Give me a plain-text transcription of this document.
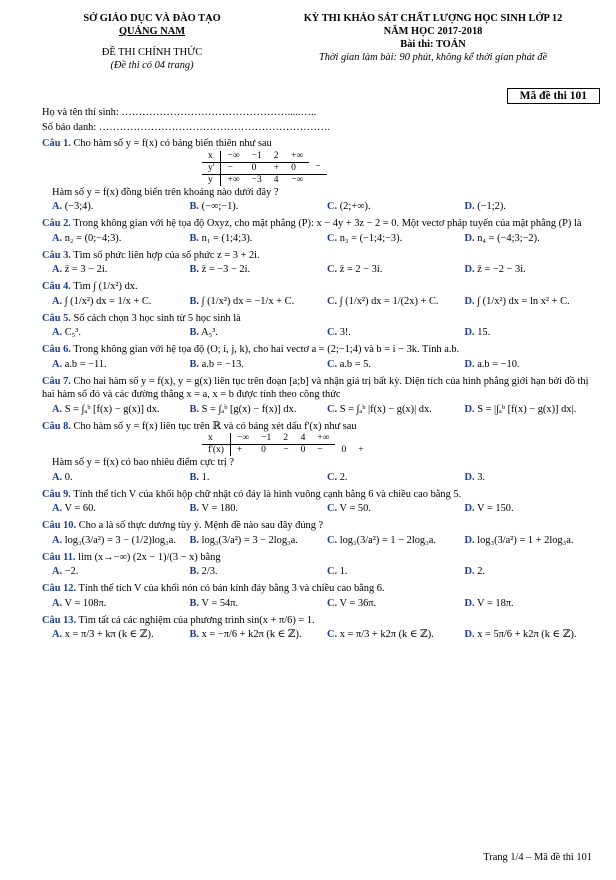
SỞ GIÁO DỤC VÀ ĐÀO TẠO
QUẢNG NAM
ĐỀ THI CHÍNH THỨC
(Đề thi có 04 trang)
KỲ THI KHẢO SÁT CHẤT LƯỢNG HỌC SINH LỚP 12
NĂM HỌC 2017-2018
Bài thi: TOÁN
Thời gian làm bài: 90 phút, không kể thời gian phát đề
Mã đề thi 101
Họ và tên thí sinh: ………………………………………….....…..
Số báo danh: ………………………………………………………….
Câu 1. Cho hàm số y = f(x) có bảng biến thiên như sau
x	−∞	−1	2	+∞	
y'	−	0	+	0	−
y	+∞	−3	4	−∞	
Hàm số y = f(x) đồng biến trên khoảng nào dưới đây ?
A. (−3;4).	B. (−∞;−1).	C. (2;+∞).	D. (−1;2).
Câu 2. Trong không gian với hệ tọa độ Oxyz, cho mặt phẳng (P): x − 4y + 3z − 2 = 0. Một vectơ pháp tuyến của mặt phẳng (P) là
A. n₂ = (0;−4;3).	B. n₁ = (1;4;3).	C. n₃ = (−1;4;−3).	D. n₄ = (−4;3;−2).
Câu 3. Tìm số phức liên hợp của số phức z = 3 + 2i.
A. z̄ = 3 − 2i.	B. z̄ = −3 − 2i.	C. z̄ = 2 − 3i.	D. z̄ = −2 − 3i.
Câu 4. Tìm ∫ (1/x²) dx.
A. ∫ (1/x²) dx = 1/x + C.	B. ∫ (1/x²) dx = −1/x + C.	C. ∫ (1/x²) dx = 1/(2x) + C.	D. ∫ (1/x²) dx = ln x² + C.
Câu 5. Số cách chọn 3 học sinh từ 5 học sinh là
A. C₅³.	B. A₅³.	C. 3!.	D. 15.
Câu 6. Trong không gian với hệ tọa độ (O; i, j, k), cho hai vectơ a = (2;−1;4) và b = i − 3k. Tính a.b.
A. a.b = −11.	B. a.b = −13.	C. a.b = 5.	D. a.b = −10.
Câu 7. Cho hai hàm số y = f(x), y = g(x) liên tục trên đoạn [a;b] và nhận giá trị bất kỳ. Diện tích của hình phẳng giới hạn bởi đồ thị hai hàm số đó và các đường thẳng x = a, x = b được tính theo công thức
A. S = ∫ₐᵇ [f(x) − g(x)] dx.	B. S = ∫ₐᵇ [g(x) − f(x)] dx.	C. S = ∫ₐᵇ |f(x) − g(x)| dx.	D. S = |∫ₐᵇ [f(x) − g(x)] dx|.
Câu 8. Cho hàm số y = f(x) liên tục trên ℝ và có bảng xét dấu f'(x) như sau
x	−∞	−1	2	4	+∞		
f'(x)	+	0	−	0	−	0	+
Hàm số y = f(x) có bao nhiêu điểm cực trị ?
A. 0.	B. 1.	C. 2.	D. 3.
Câu 9. Tính thể tích V của khối hộp chữ nhật có đáy là hình vuông cạnh bằng 6 và chiều cao bằng 5.
A. V = 60.	B. V = 180.	C. V = 50.	D. V = 150.
Câu 10. Cho a là số thực dương tùy ý. Mệnh đề nào sau đây đúng ?
A. log₃(3/a²) = 3 − (1/2)log₃a.	B. log₃(3/a²) = 3 − 2log₃a.	C. log₃(3/a²) = 1 − 2log₃a.	D. log₃(3/a²) = 1 + 2log₃a.
Câu 11. lim (x→−∞) (2x − 1)/(3 − x) bằng
A. −2.	B. 2/3.	C. 1.	D. 2.
Câu 12. Tính thể tích V của khối nón có bán kính đáy bằng 3 và chiều cao bằng 6.
A. V = 108π.	B. V = 54π.	C. V = 36π.	D. V = 18π.
Câu 13. Tìm tất cả các nghiệm của phương trình sin(x + π/6) = 1.
A. x = π/3 + kπ (k ∈ ℤ).	B. x = −π/6 + k2π (k ∈ ℤ).	C. x = π/3 + k2π (k ∈ ℤ).	D. x = 5π/6 + k2π (k ∈ ℤ).
Trang 1/4 – Mã đề thi 101
